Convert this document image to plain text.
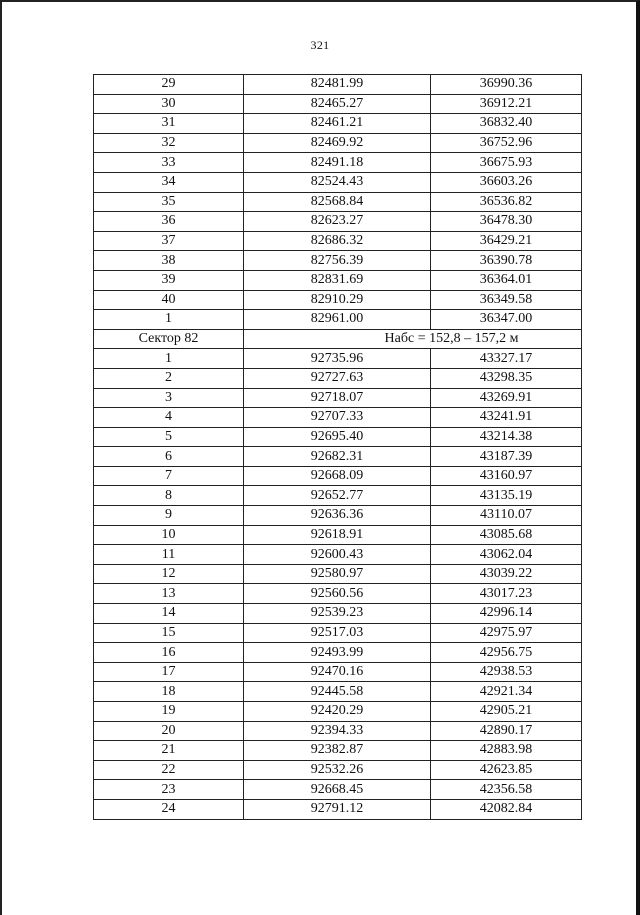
321
29	82481.99	36990.36
30	82465.27	36912.21
31	82461.21	36832.40
32	82469.92	36752.96
33	82491.18	36675.93
34	82524.43	36603.26
35	82568.84	36536.82
36	82623.27	36478.30
37	82686.32	36429.21
38	82756.39	36390.78
39	82831.69	36364.01
40	82910.29	36349.58
1	82961.00	36347.00
Сектор 82	Набс = 152,8 – 157,2 м	
1	92735.96	43327.17
2	92727.63	43298.35
3	92718.07	43269.91
4	92707.33	43241.91
5	92695.40	43214.38
6	92682.31	43187.39
7	92668.09	43160.97
8	92652.77	43135.19
9	92636.36	43110.07
10	92618.91	43085.68
11	92600.43	43062.04
12	92580.97	43039.22
13	92560.56	43017.23
14	92539.23	42996.14
15	92517.03	42975.97
16	92493.99	42956.75
17	92470.16	42938.53
18	92445.58	42921.34
19	92420.29	42905.21
20	92394.33	42890.17
21	92382.87	42883.98
22	92532.26	42623.85
23	92668.45	42356.58
24	92791.12	42082.84
